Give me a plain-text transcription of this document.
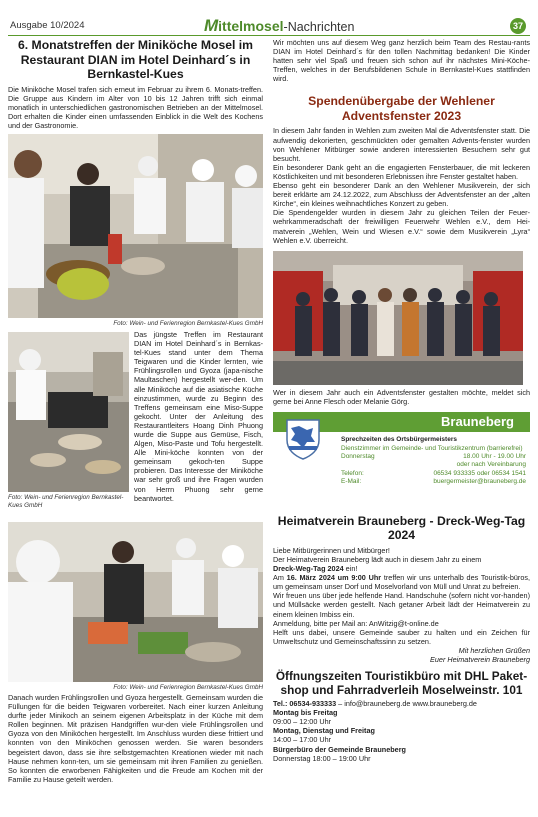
Ausgabe 10/2024	Mittelmosel-Nachrichten	37
6. Monatstreffen der Miniköche Mosel im Restaurant DIAN im Hotel Deinhard´s in Bernkastel-Kues

Die Miniköche Mosel trafen sich erneut im Februar zu ihrem 6. Monats-treffen. Die Gruppe aus Kindern im Alter von 10 bis 12 Jahren trifft sich einmal monatlich in unterschiedlichen gastronomischen Betrieben an der Mittelmosel. Dort erhalten die Kinder einen umfassenden Einblick in die Welt des Kochens und der Gastronomie.

Foto: Wein- und Ferienregion Bernkastel-Kues GmbH
Foto: Wein- und Ferienregion Bernkastel-Kues GmbH

Das jüngste Treffen im Restaurant DIAN im Hotel Deinhard´s in Bernkas-tel-Kues stand unter dem Thema Teigwaren und die Kinder lernten, wie Frühlingsrollen und Gyoza (japa-nische Maultaschen) hergestellt wer-den. Um alle Miniköche auf die asiatische Küche einzustimmen, wurde zu Beginn des Treffens gemeinsam eine Miso-Suppe gekocht. Unter der Anleitung des Restaurantleiters Hoang Dinh Phuong wurde die Suppe aus Gemüse, Fisch, Algen, Miso-Paste und Tofu hergestellt. Alle Mini-köche konnten von der gemeinsam gekoch-ten Suppe probieren. Das Interesse der Miniköche war sehr groß und ihre Fragen wurden von Herrn Phuong sehr gerne beantwortet.

Foto: Wein- und Ferienregion Bernkastel-Kues GmbH

Danach wurden Frühlingsrollen und Gyoza hergestellt. Gemeinsam wurden die Füllungen für die beiden Teigwaren vorbereitet. Nach einer kurzen Anleitung durfte jeder Minikoch an seinem eigenen Arbeitsplatz in der Küche mit dem Rollen beginnen. Mit präzisen Handgriffen wur-den viele Frühlingsrollen und Gyoza von den Miniköchen hergestellt. Im Anschluss wurden diese frittiert und konnten von den Miniköchen genossen werden. Sie waren besonders begeistert davon, dass sie ihre selbstgemachten Kreationen wieder mit nach Hause nehmen konn-ten, um sie gemeinsam mit ihren Familien zu genießen. So konnten die erworbenen Fähigkeiten und die Freude am Kochen mit der Familie zu Hause geteilt werden.

Wir möchten uns auf diesem Weg ganz herzlich beim Team des Restau-rants DIAN im Hotel Deinhard´s für den tollen Nachmittag bedanken! Die Kinder hatten sehr viel Spaß und freuen sich schon auf ihr nächstes Mini-Köche-Treffen, welches in der Berufsbildenen Schule in Bernkastel-Kues stattfinden wird.

Spendenübergabe der Wehlener Adventsfenster 2023

In diesem Jahr fanden in Wehlen zum zweiten Mal die Adventsfenster statt. Die aufwendig dekorierten, geschmückten oder gemalten Advents-fenster wurden von Wehlener Mitbürger sowie anderen interessierten Besuchern sehr gut besucht.

Ein besonderer Dank geht an die engagierten Fensterbauer, die mit leckeren Köstlichkeiten und mit besonderen Erlebnissen ihre Fenster gestaltet haben.

Ebenso geht ein besonderer Dank an den Wehlener Musikverein, der sich bereit erklärte am 24.12.2022, zum Abschluss der Adventsfenster an der „alten Kirche“, ein kleines weihnachtliches Konzert zu geben.

Die Spendengelder wurden in diesem Jahr zu gleichen Teilen der Feuer-wehrkammeradschaft der freiwilligen Feuerwehr Wehlen e.V., dem Hei-matverein „Wehlen, Wein und Wiesen e.V.“ sowie dem Musikverein „Lyra“ Wehlen e.V. überreicht.

Wer in diesem Jahr auch ein Adventsfenster gestalten möchte, meldet sich gerne bei Anne Flesch oder Melanie Görg.

Brauneberg
Sprechzeiten des Ortsbürgermeisters
Dienstzimmer im Gemeinde- und Touristikzentrum (barrierefrei)
Donnerstag	18.00 Uhr - 19.00 Uhr
oder nach Vereinbarung
Telefon:	06534 933335 oder 06534 1541
E-Mail:	buergermeister@brauneberg.de
Heimatverein Brauneberg - Dreck-Weg-Tag 2024

Liebe Mitbürgerinnen und Mitbürger!

Der Heimatverein Brauneberg lädt auch in diesem Jahr zu einem

Dreck-Weg-Tag 2024 ein!

Am 16. März 2024 um 9:00 Uhr treffen wir uns unterhalb des Touristik-büros, um gemeinsam unser Dorf und Moselvorland von Müll und Unrat zu befreien.

Wir freuen uns über jede helfende Hand. Handschuhe (sofern nicht vor-handen) und Müllsäcke werden gestellt. Nach getaner Arbeit lädt der Heimatverein zu einem kleinen Imbiss ein.

Anmeldung, bitte per Mail an: AnWitzig@t-online.de

Helft uns dabei, unsere Gemeinde sauber zu halten und ein Zeichen für Umweltschutz und Gemeinschaftssinn zu setzen.

Mit herzlichen Grüßen

Euer Heimatverein Brauneberg

Öffnungszeiten Touristikbüro mit DHL Paket-shop und Fahrradverleih Moselweinstr. 101

Tel.: 06534-933333 – info@brauneberg.de www.brauneberg.de

Montag bis Freitag

09:00 – 12:00 Uhr

Montag, Dienstag und Freitag

14:00 – 17:00 Uhr

Bürgerbüro der Gemeinde Brauneberg

Donnerstag 18:00 – 19:00 Uhr
